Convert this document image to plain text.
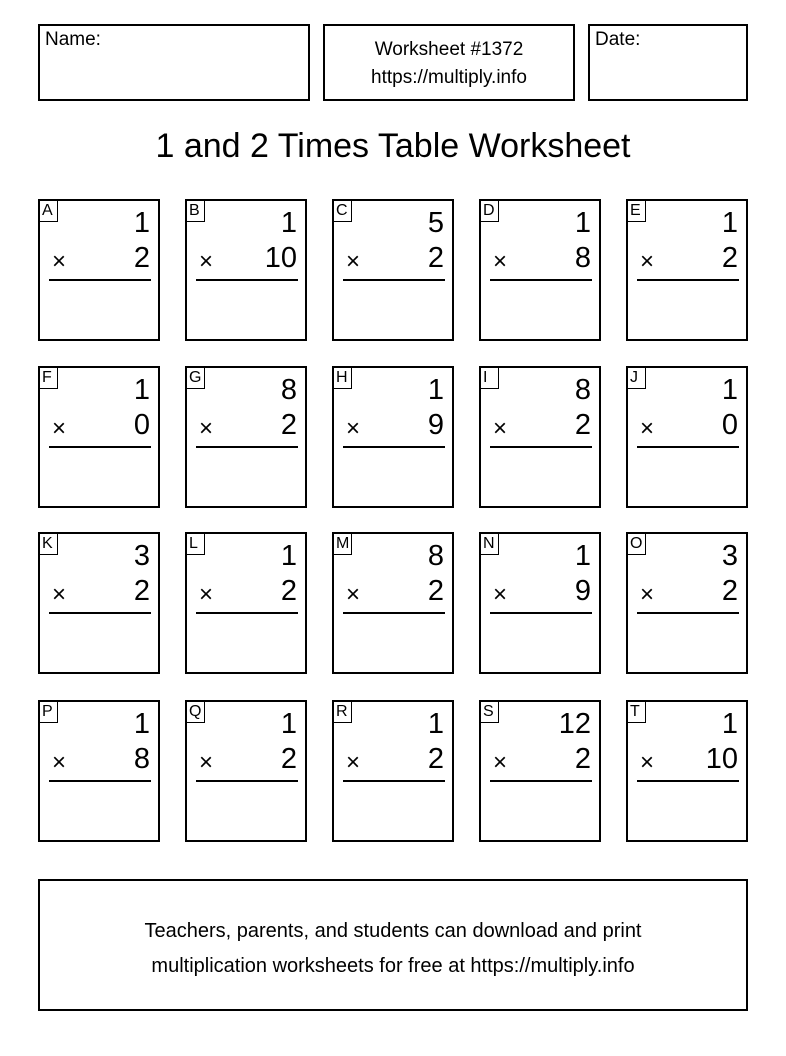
Name:	Worksheet #1372
https://multiply.info
Date:
1 and 2 Times Table Worksheet
A	1
× 2
B	1
× 10
C	5
× 2
D	1
× 8
E	1
× 2
F	1
× 0
G	8
× 2
H	1
× 9
I	8
× 2
J	1
× 0
K	3
× 2
L	1
× 2
M	8
× 2
N	1
× 9
O	3
× 2
P	1
× 8
Q	1
× 2
R	1
× 2
S 12
× 2
T	1
× 10
Teachers, parents, and students can download and print
multiplication worksheets for free at https://multiply.info
